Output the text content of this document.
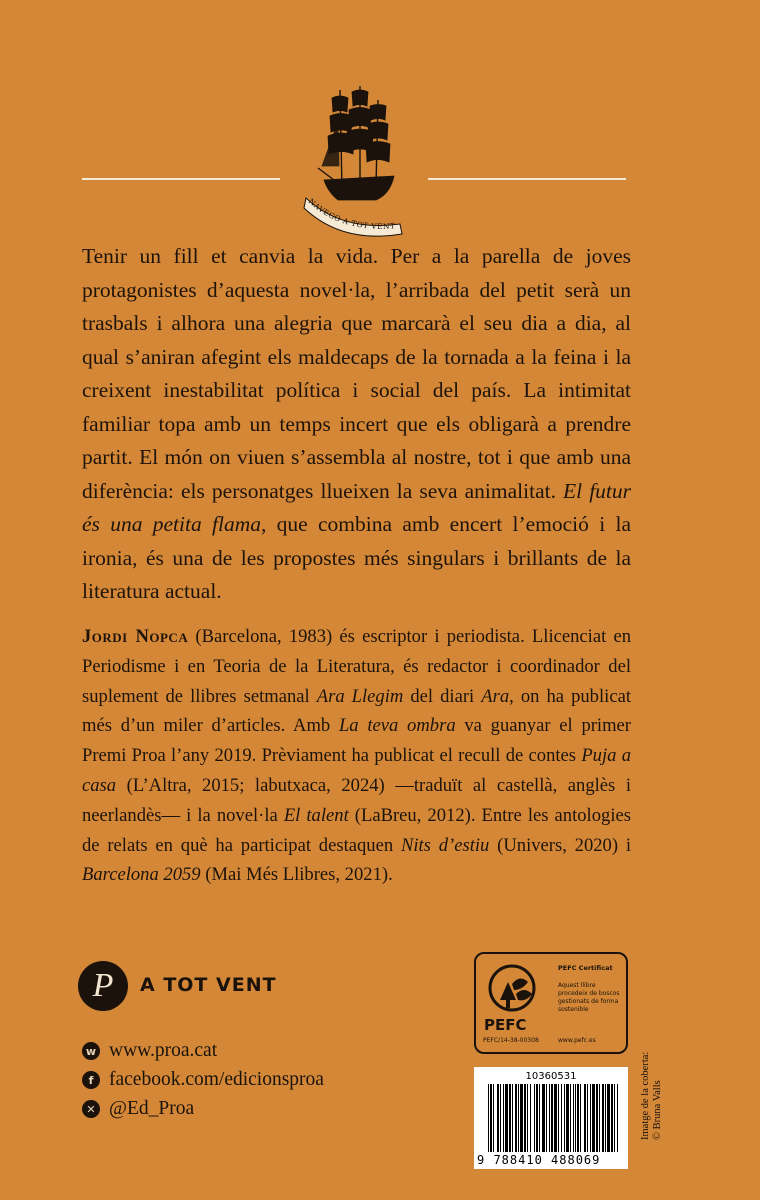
NAVEGO A TOT VENT

Tenir un fill et canvia la vida. Per a la parella de joves protagonistes d’aquesta novel·la, l’arribada del petit serà un trasbals i alhora una alegria que marcarà el seu dia a dia, al qual s’aniran afegint els maldecaps de la tornada a la feina i la creixent inestabilitat política i social del país. La intimitat familiar topa amb un temps incert que els obligarà a prendre partit. El món on viuen s’assembla al nostre, tot i que amb una diferència: els personatges llueixen la seva animalitat. El futur és una petita flama, que combina amb encert l’emoció i la ironia, és una de les propostes més singulars i brillants de la literatura actual.

Jordi Nopca (Barcelona, 1983) és escriptor i periodista. Llicenciat en Periodisme i en Teoria de la Literatura, és redactor i coordinador del suplement de llibres setmanal Ara Llegim del diari Ara, on ha publicat més d’un miler d’articles. Amb La teva ombra va guanyar el primer Premi Proa l’any 2019. Prèviament ha publicat el recull de contes Puja a casa (L’Altra, 2015; labutxaca, 2024) —traduït al castellà, anglès i neerlandès— i la novel·la El talent (LaBreu, 2012). Entre les antologies de relats en què ha participat destaquen Nits d’estiu (Univers, 2020) i Barcelona 2059 (Mai Més Llibres, 2021).

P A TOT VENT
w www.proa.cat
f facebook.com/edicionsproa
✕ @Ed_Proa
PEFC
PEFC/14-38-00308
PEFC Certificat
Aquest llibre procedeix de boscos gestionats de forma sostenible
www.pefc.es
10360531
9 788410 488069
Imatge de la coberta: © Bruna Valls
